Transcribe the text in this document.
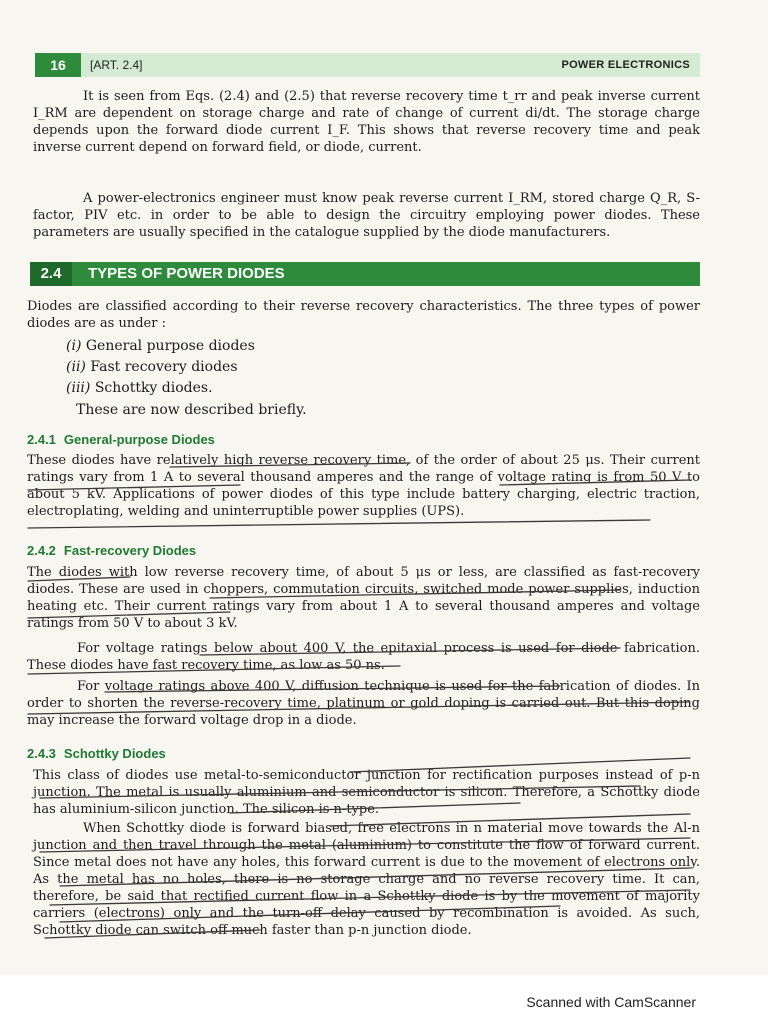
16	[ART. 2.4]	POWER ELECTRONICS

It is seen from Eqs. (2.4) and (2.5) that reverse recovery time t_rr and peak inverse current I_RM are dependent on storage charge and rate of change of current di/dt. The storage charge depends upon the forward diode current I_F. This shows that reverse recovery time and peak inverse current depend on forward field, or diode, current.

A power-electronics engineer must know peak reverse current I_RM, stored charge Q_R, S-factor, PIV etc. in order to be able to design the circuitry employing power diodes. These parameters are usually specified in the catalogue supplied by the diode manufacturers.

2.4	TYPES OF POWER DIODES

Diodes are classified according to their reverse recovery characteristics. The three types of power diodes are as under :

(i) General purpose diodes
(ii) Fast recovery diodes
(iii) Schottky diodes.

These are now described briefly.

2.4.1 General-purpose Diodes

These diodes have relatively high reverse recovery time, of the order of about 25 μs. Their current ratings vary from 1 A to several thousand amperes and the range of voltage rating is from 50 V to about 5 kV. Applications of power diodes of this type include battery charging, electric traction, electroplating, welding and uninterruptible power supplies (UPS).

2.4.2 Fast-recovery Diodes

The diodes with low reverse recovery time, of about 5 μs or less, are classified as fast-recovery diodes. These are used in choppers, commutation circuits, switched mode power supplies, induction heating etc. Their current ratings vary from about 1 A to several thousand amperes and voltage ratings from 50 V to about 3 kV.

For voltage ratings below about 400 V, the epitaxial process is used for diode fabrication. These diodes have fast recovery time, as low as 50 ns.

For voltage ratings above 400 V, diffusion technique is used for the fabrication of diodes. In order to shorten the reverse-recovery time, platinum or gold doping is carried out. But this doping may increase the forward voltage drop in a diode.

2.4.3 Schottky Diodes

This class of diodes use metal-to-semiconductor junction for rectification purposes instead of p-n junction. The metal is usually aluminium and semiconductor is silicon. Therefore, a Schottky diode has aluminium-silicon junction. The silicon is n-type.

When Schottky diode is forward biased, free electrons in n material move towards the Al-n junction and then travel through the metal (aluminium) to constitute the flow of forward current. Since metal does not have any holes, this forward current is due to the movement of electrons only. As the metal has no holes, there is no storage charge and no reverse recovery time. It can, therefore, be said that rectified current flow in a Schottky diode is by the movement of majority carriers (electrons) only and the turn-off delay caused by recombination is avoided. As such, Schottky diode can switch off much faster than p-n junction diode.

Scanned with CamScanner
